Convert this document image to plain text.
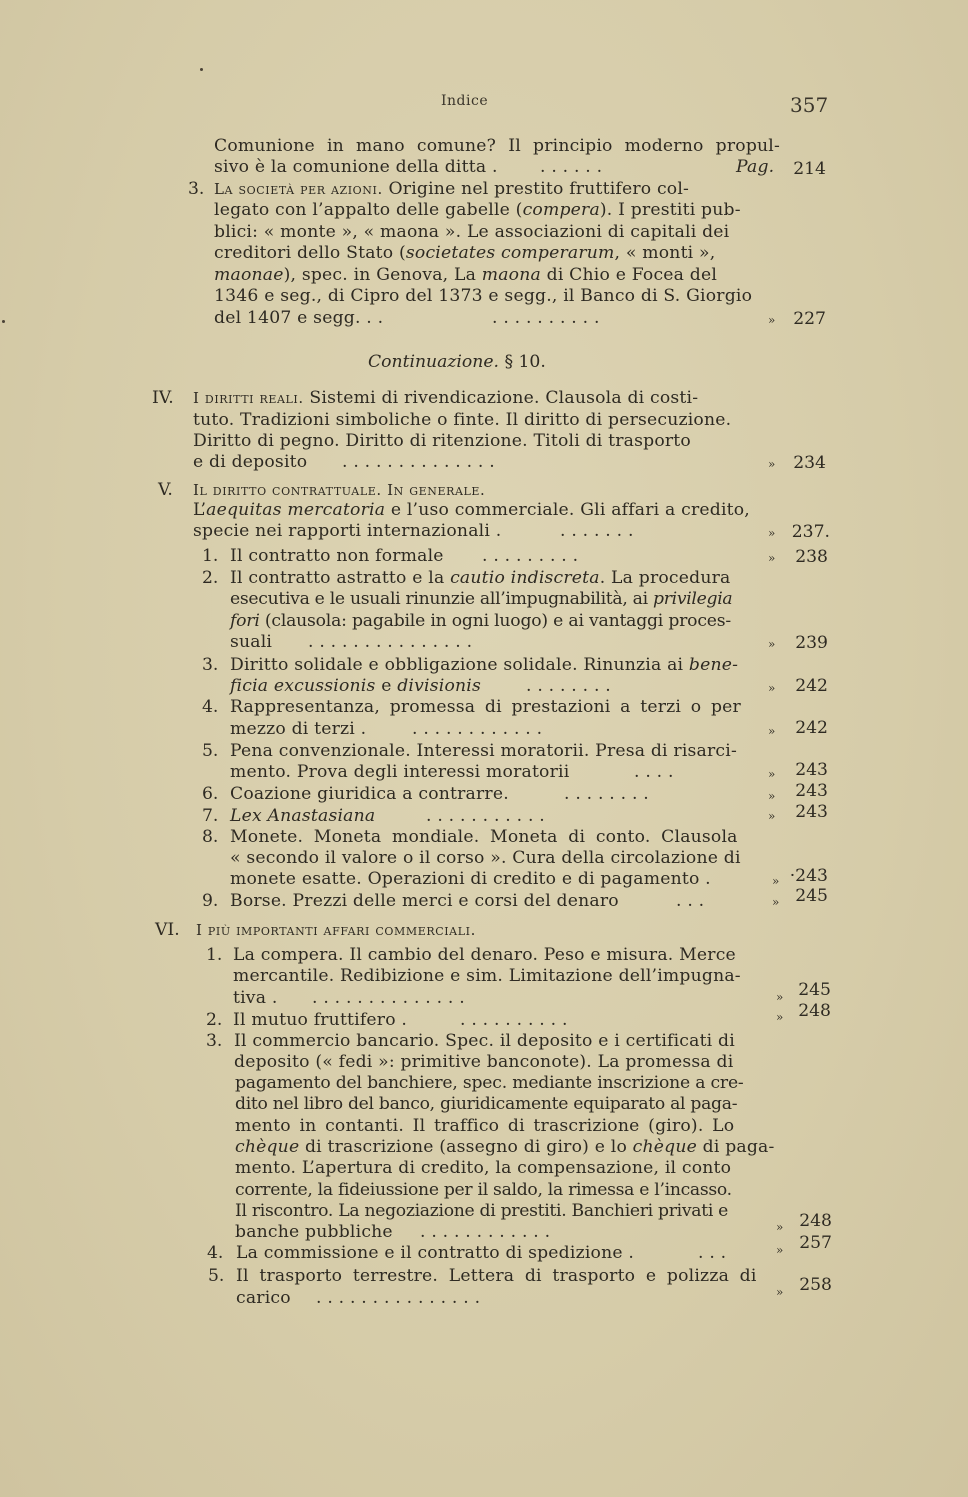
Indice	357
Comunione in mano comune? Il principio moderno propul-
sivo è la comunione della ditta . . . . . . .	Pag.	214
3. La società per azioni. Origine nel prestito fruttifero col-
legato con l’appalto delle gabelle (compera). I prestiti pub-
blici: « monte », « maona ». Le associazioni di capitali dei
creditori dello Stato (societates comperarum, « monti »,
maonae), spec. in Genova, La maona di Chio e Focea del
1346 e seg., di Cipro del 1373 e segg., il Banco di S. Giorgio
del 1407 e segg. . .	. . . . . . . . . .	»	227
Continuazione. § 10.
IV. I diritti reali. Sistemi di rivendicazione. Clausola di costi-
tuto. Tradizioni simboliche o finte. Il diritto di persecuzione.
Diritto di pegno. Diritto di ritenzione. Titoli di trasporto
e di deposito . . . . . . . . . . . . . .	»	234
V. Il diritto contrattuale. In generale.
L’aequitas mercatoria e l’uso commerciale. Gli affari a credito,
specie nei rapporti internazionali .	. . . . . . .	» 237.
1. Il contratto non formale . . . . . . . . .	»	238
2. Il contratto astratto e la cautio indiscreta. La procedura
esecutiva e le usuali rinunzie all’impugnabilità, ai privilegia
fori (clausola: pagabile in ogni luogo) e ai vantaggi proces-
suali . . . . . . . . . . . . . . .	»	239
3. Diritto solidale e obbligazione solidale. Rinunzia ai bene-
ficia excussionis e divisionis	. . . . . . . .	»	242
4. Rappresentanza, promessa di prestazioni a terzi o per
mezzo di terzi .	. . . . . . . . . . . .	»	242
5. Pena convenzionale. Interessi moratorii. Presa di risarci-
mento. Prova degli interessi moratorii	. . . .	»	243
6. Coazione giuridica a contrarre.	. . . . . . . .	»	243
7. Lex Anastasiana	. . . . . . . . . . .	»	243
8. Monete. Moneta mondiale. Moneta di conto. Clausola
« secondo il valore o il corso ». Cura della circolazione di
monete esatte. Operazioni di credito e di pagamento .	» ·243
9. Borse. Prezzi delle merci e corsi del denaro	. . .	» 245
VI. I più importanti affari commerciali.
1. La compera. Il cambio del denaro. Peso e misura. Merce
mercantile. Redibizione e sim. Limitazione dell’impugna-
tiva . . . . . . . . . . . . . . .	» 245
2. Il mutuo fruttifero .	. . . . . . . . . .	» 248
3. Il commercio bancario. Spec. il deposito e i certificati di
deposito (« fedi »: primitive banconote). La promessa di
pagamento del banchiere, spec. mediante inscrizione a cre-
dito nel libro del banco, giuridicamente equiparato al paga-
mento in contanti. Il traffico di trascrizione (giro). Lo
chèque di trascrizione (assegno di giro) e lo chèque di paga-
mento. L’apertura di credito, la compensazione, il conto
corrente, la fideiussione per il saldo, la rimessa e l’incasso.
Il riscontro. La negoziazione di prestiti. Banchieri privati e
banche pubbliche . . . . . . . . . . . .	» 248
4. La commissione e il contratto di spedizione .	. . .	» 257
5. Il trasporto terrestre. Lettera di trasporto e polizza di
carico . . . . . . . . . . . . . . .	» 258
